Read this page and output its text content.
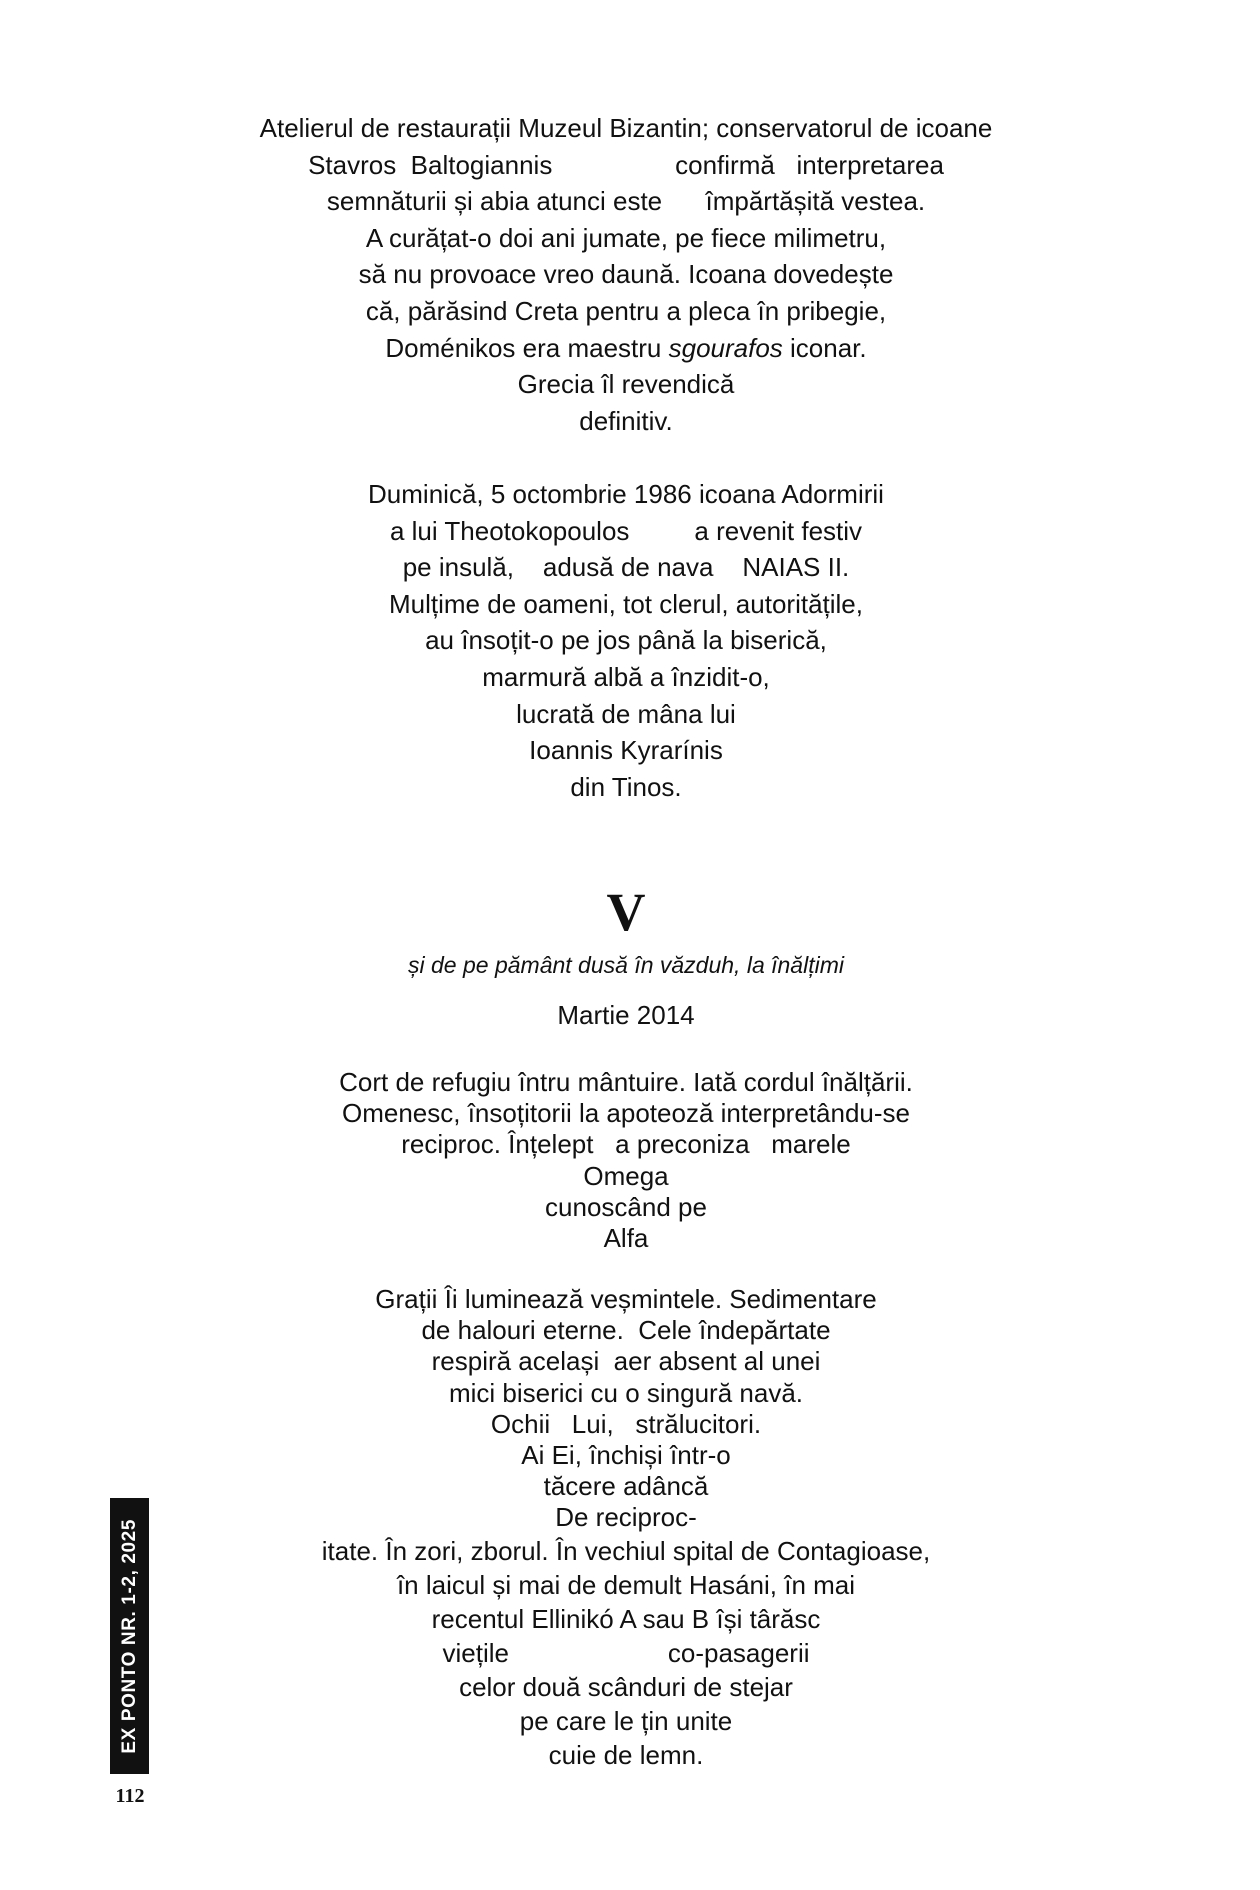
Atelierul de restaurații Muzeul Bizantin; conservatorul de icoane
Stavros  Baltogiannis                 confirmă   interpretarea
semnăturii și abia atunci este      împărtășită vestea.
A curățat-o doi ani jumate, pe fiece milimetru,
să nu provoace vreo daună. Icoana dovedește
că, părăsind Creta pentru a pleca în pribegie,
Doménikos era maestru sgourafos iconar.
Grecia îl revendică
definitiv.
Duminică, 5 octombrie 1986 icoana Adormirii
a lui Theotokopoulos         a revenit festiv
pe insulă,    adusă de nava    NAIAS II.
Mulțime de oameni, tot clerul, autoritățile,
au însoțit-o pe jos până la biserică,
marmură albă a înzidit-o,
lucrată de mâna lui
Ioannis Kyrarínis
din Tinos.
V
și de pe pământ dusă în văzduh, la înălțimi
Martie 2014
Cort de refugiu întru mântuire. Iată cordul înălțării.
Omenesc, însoțitorii la apoteoză interpretându-se
reciproc. Înțelept   a preconiza   marele
Omega
cunoscând pe
Alfa
Grații Îi luminează veșmintele. Sedimentare
de halouri eterne.  Cele îndepărtate
respiră același  aer absent al unei
mici biserici cu o singură navă.
Ochii   Lui,   strălucitori.
Ai Ei, închiși într-o
tăcere adâncă
De reciproc-
itate. În zori, zborul. În vechiul spital de Contagioase,
în laicul și mai de demult Hasáni, în mai
recentul Ellinikó A sau B își târăsc
viețile                      co-pasagerii
celor două scânduri de stejar
pe care le țin unite
cuie de lemn.
EX PONTO NR. 1-2, 2025
112
